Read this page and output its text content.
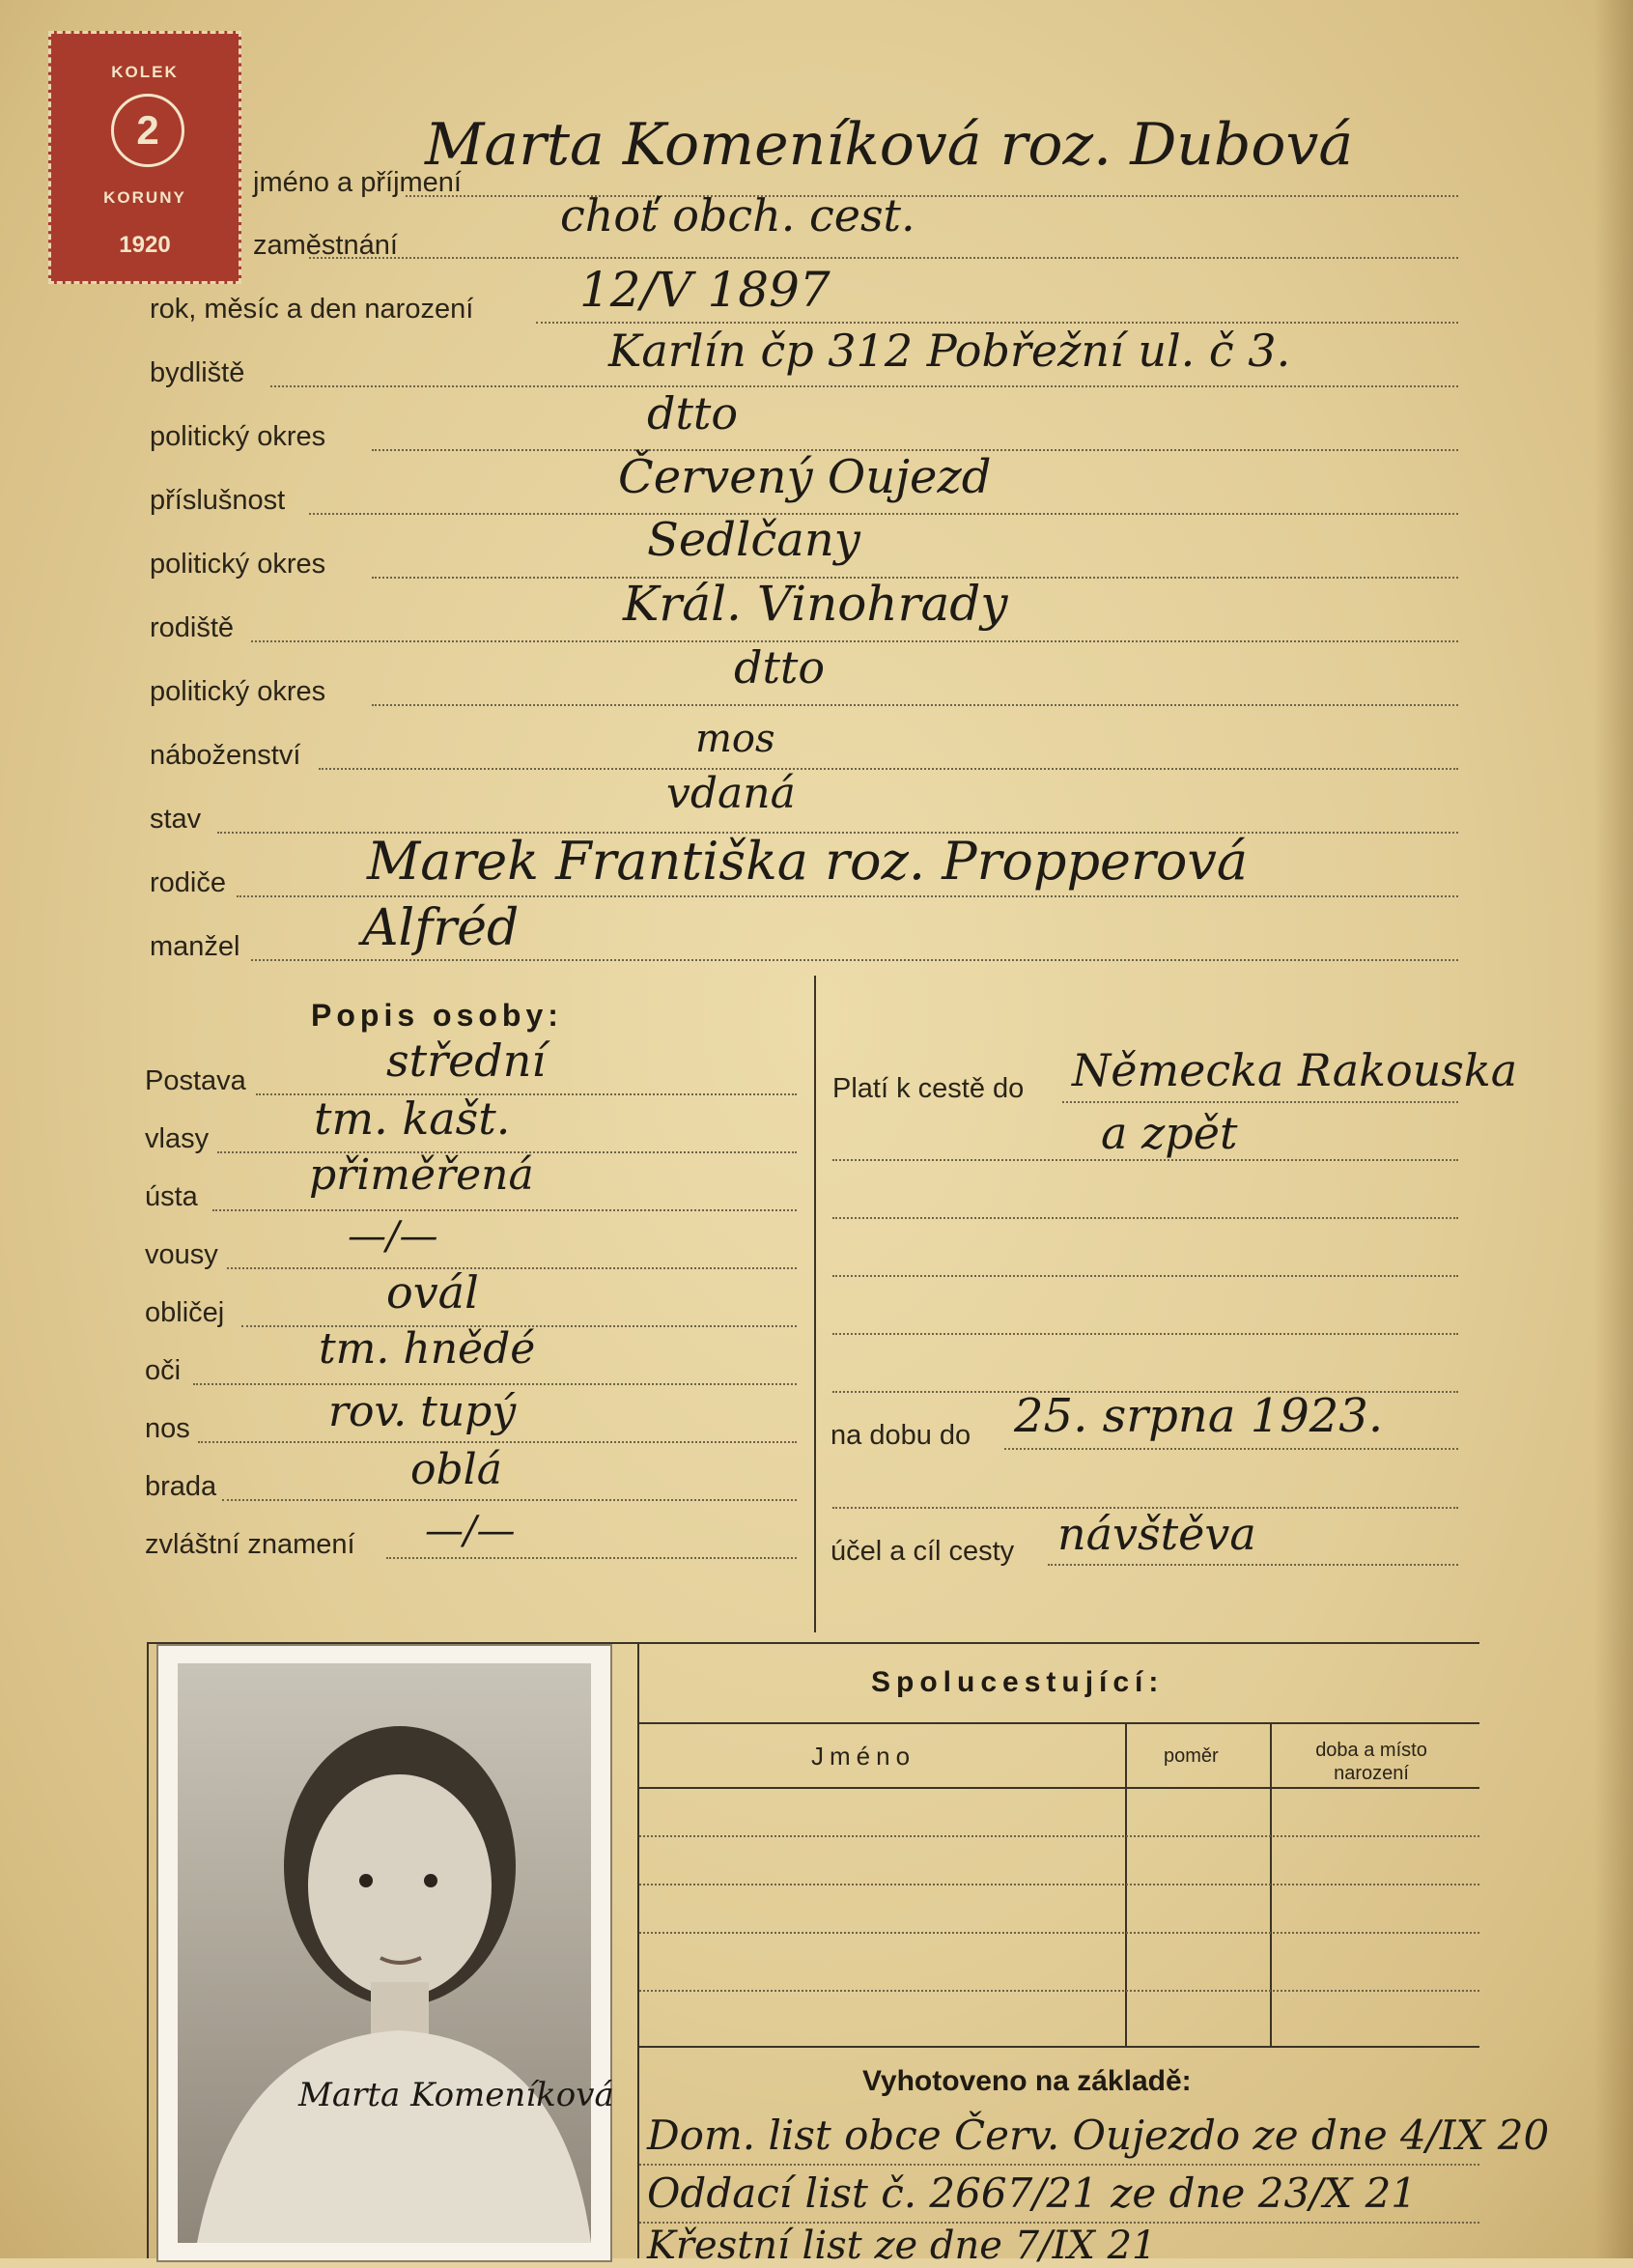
KOLEK
2
KORUNY
1920
jméno a příjmení
Marta Komeníková roz. Dubová
zaměstnání
choť obch. cest.
rok, měsíc a den narození 12/V 1897
bydliště	Karlín čp 312 Pobřežní ul. č 3.
politický okres	dtto
příslušnost	Červený Oujezd
politický okres	Sedlčany
rodiště	Král. Vinohrady
politický okres	dtto
náboženství	mos
stav
vdaná
rodiče	Marek Františka roz. Propperová
manžel Alfréd
Popis osoby:
Postava	střední
vlasy tm. kašt.
ústa	přiměřená
vousy	—/—
obličej	ovál
oči	tm. hnědé
nos	rov. tupý
brada	oblá
zvláštní znamení —/—
Platí k cestě do Německa Rakouska
a zpět
na dobu do 25. srpna 1923.
účel a cíl cesty návštěva
Marta Komeníková
Spolucestující:
Jméno	poměr	doba a místo narození
Vyhotoveno na základě:
Dom. list obce Červ. Oujezdo ze dne 4/IX 20
Oddací list č. 2667/21 ze dne 23/X 21
Křestní list ze dne 7/IX 21
